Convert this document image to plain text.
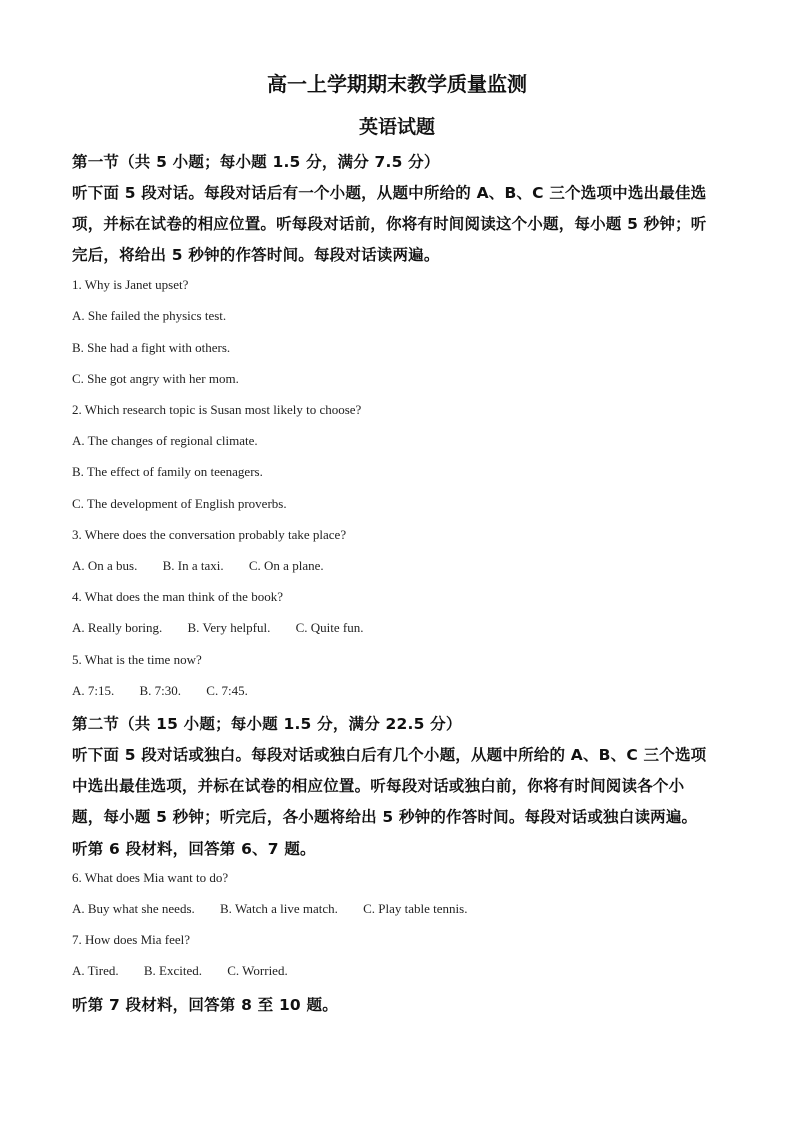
高一上学期期末教学质量监测
英语试题
第一节（共 5 小题；每小题 1.5 分，满分 7.5 分）
听下面 5 段对话。每段对话后有一个小题，从题中所给的 A、B、C 三个选项中选出最佳选
项，并标在试卷的相应位置。听每段对话前，你将有时间阅读这个小题，每小题 5 秒钟；听
完后，将给出 5 秒钟的作答时间。每段对话读两遍。
1. Why is Janet upset?
A. She failed the physics test.
B. She had a fight with others.
C. She got angry with her mom.
2. Which research topic is Susan most likely to choose?
A. The changes of regional climate.
B. The effect of family on teenagers.
C. The development of English proverbs.
3. Where does the conversation probably take place?
A. On a bus. B. In a taxi. C. On a plane.
4. What does the man think of the book?
A. Really boring. B. Very helpful. C. Quite fun.
5. What is the time now?
A. 7:15. B. 7:30. C. 7:45.
第二节（共 15 小题；每小题 1.5 分，满分 22.5 分）
听下面 5 段对话或独白。每段对话或独白后有几个小题，从题中所给的 A、B、C 三个选项
中选出最佳选项，并标在试卷的相应位置。听每段对话或独白前，你将有时间阅读各个小
题，每小题 5 秒钟；听完后，各小题将给出 5 秒钟的作答时间。每段对话或独白读两遍。
听第 6 段材料，回答第 6、7 题。
6. What does Mia want to do?
A. Buy what she needs. B. Watch a live match. C. Play table tennis.
7. How does Mia feel?
A. Tired. B. Excited. C. Worried.
听第 7 段材料，回答第 8 至 10 题。
